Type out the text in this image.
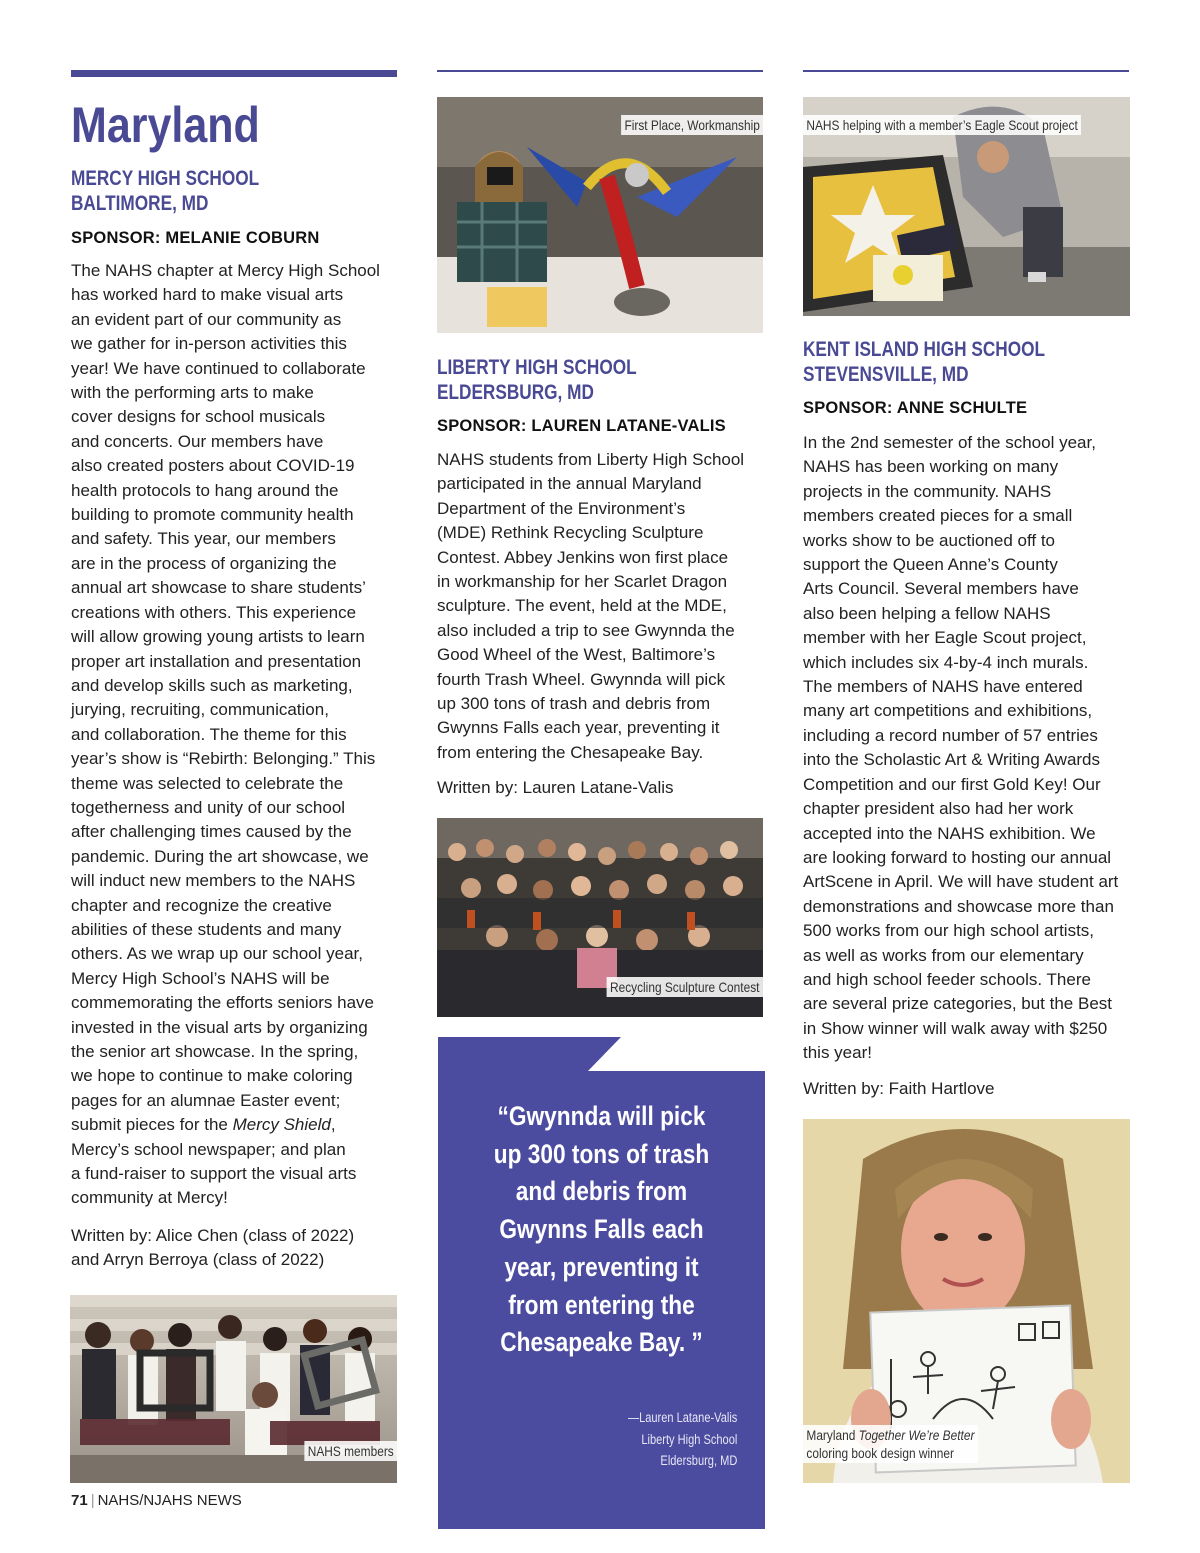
Maryland
MERCY HIGH SCHOOL
BALTIMORE, MD
SPONSOR: MELANIE COBURN
The NAHS chapter at Mercy High School
has worked hard to make visual arts
an evident part of our community as
we gather for in-person activities this
year! We have continued to collaborate
with the performing arts to make
cover designs for school musicals
and concerts. Our members have
also created posters about COVID-19
health protocols to hang around the
building to promote community health
and safety. This year, our members
are in the process of organizing the
annual art showcase to share students’
creations with others. This experience
will allow growing young artists to learn
proper art installation and presentation
and develop skills such as marketing,
jurying, recruiting, communication,
and collaboration. The theme for this
year’s show is “Rebirth: Belonging.” This
theme was selected to celebrate the
togetherness and unity of our school
after challenging times caused by the
pandemic. During the art showcase, we
will induct new members to the NAHS
chapter and recognize the creative
abilities of these students and many
others. As we wrap up our school year,
Mercy High School’s NAHS will be
commemorating the efforts seniors have
invested in the visual arts by organizing
the senior art showcase. In the spring,
we hope to continue to make coloring
pages for an alumnae Easter event;
submit pieces for the Mercy Shield,
Mercy’s school newspaper; and plan
a fund-raiser to support the visual arts
community at Mercy!
Written by: Alice Chen (class of 2022)
and Arryn Berroya (class of 2022)
NAHS members
71 | NAHS/NJAHS NEWS
First Place, Workmanship
LIBERTY HIGH SCHOOL
ELDERSBURG, MD
SPONSOR: LAUREN LATANE-VALIS
NAHS students from Liberty High School
participated in the annual Maryland
Department of the Environment’s
(MDE) Rethink Recycling Sculpture
Contest. Abbey Jenkins won first place
in workmanship for her Scarlet Dragon
sculpture. The event, held at the MDE,
also included a trip to see Gwynnda the
Good Wheel of the West, Baltimore’s
fourth Trash Wheel. Gwynnda will pick
up 300 tons of trash and debris from
Gwynns Falls each year, preventing it
from entering the Chesapeake Bay.
Written by: Lauren Latane-Valis
Recycling Sculpture Contest
“Gwynnda will pick
up 300 tons of trash
and debris from
Gwynns Falls each
year, preventing it
from entering the
Chesapeake Bay. ”
—Lauren Latane-Valis
Liberty High School
Eldersburg, MD
NAHS helping with a member’s Eagle Scout project
KENT ISLAND HIGH SCHOOL
STEVENSVILLE, MD
SPONSOR: ANNE SCHULTE
In the 2nd semester of the school year,
NAHS has been working on many
projects in the community. NAHS
members created pieces for a small
works show to be auctioned off to
support the Queen Anne’s County
Arts Council. Several members have
also been helping a fellow NAHS
member with her Eagle Scout project,
which includes six 4-by-4 inch murals.
The members of NAHS have entered
many art competitions and exhibitions,
including a record number of 57 entries
into the Scholastic Art & Writing Awards
Competition and our first Gold Key! Our
chapter president also had her work
accepted into the NAHS exhibition. We
are looking forward to hosting our annual
ArtScene in April. We will have student art
demonstrations and showcase more than
500 works from our high school artists,
as well as works from our elementary
and high school feeder schools. There
are several prize categories, but the Best
in Show winner will walk away with $250
this year!
Written by: Faith Hartlove
Maryland Together We’re Better
coloring book design winner
